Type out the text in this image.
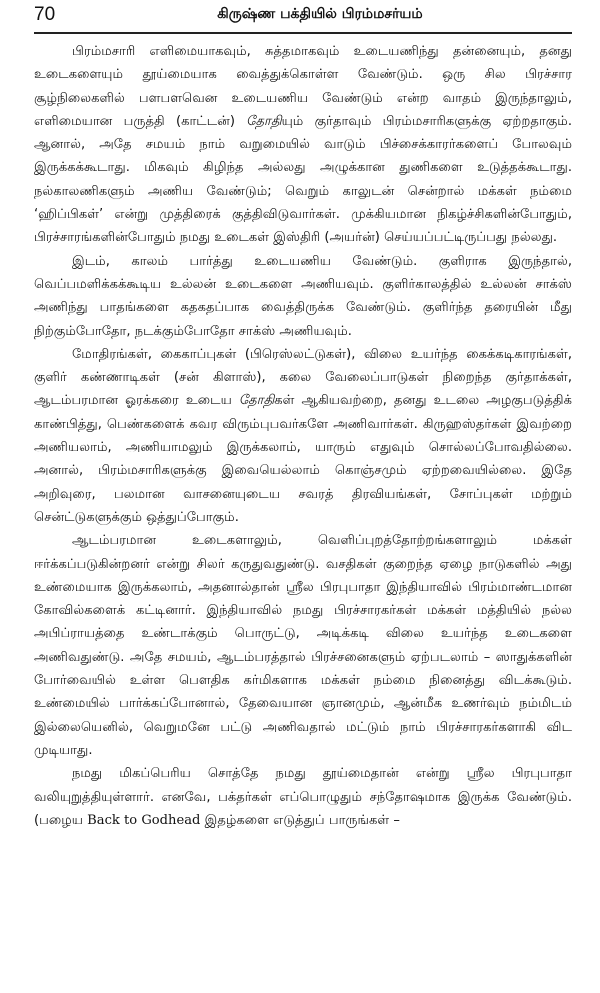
70	கிருஷ்ண பக்தியில் பிரம்மசர்யம்

பிரம்மசாரி எளிமையாகவும், சுத்தமாகவும் உடையணிந்து தன்னையும், தனது உடைகளையும் தூய்மையாக வைத்துக்கொள்ள வேண்டும். ஒரு சில பிரச்சார சூழ்நிலைகளில் பளபளவென உடையணிய வேண்டும் என்ற வாதம் இருந்தாலும், எளிமையான பருத்தி (காட்டன்) தோதியும் குர்தாவும் பிரம்மசாரிகளுக்கு ஏற்றதாகும். ஆனால், அதே சமயம் நாம் வறுமையில் வாடும் பிச்சைக்காரர்களைப் போலவும் இருக்கக்கூடாது. மிகவும் கிழிந்த அல்லது அழுக்கான துணிகளை உடுத்தக்கூடாது. நல்காலணிகளும் அணிய வேண்டும்; வெறும் காலுடன் சென்றால் மக்கள் நம்மை ‘ஹிப்பிகள்’ என்று முத்திரைக் குத்திவிடுவார்கள். முக்கியமான நிகழ்ச்சிகளின்போதும், பிரச்சாரங்களின்போதும் நமது உடைகள் இஸ்திரி (அயர்ன்) செய்யப்பட்டிருப்பது நல்லது.

இடம், காலம் பார்த்து உடையணிய வேண்டும். குளிராக இருந்தால், வெப்பமளிக்கக்கூடிய உல்லன் உடைகளை அணியவும். குளிர்காலத்தில் உல்லன் சாக்ஸ் அணிந்து பாதங்களை கதகதப்பாக வைத்திருக்க வேண்டும். குளிர்ந்த தரையின் மீது நிற்கும்போதோ, நடக்கும்போதோ சாக்ஸ் அணியவும்.

மோதிரங்கள், கைகாப்புகள் (பிரெஸ்லட்டுகள்), விலை உயர்ந்த கைக்கடிகாரங்கள், குளிர் கண்ணாடிகள் (சன் கிளாஸ்), கலை வேலைப்பாடுகள் நிறைந்த குர்தாக்கள், ஆடம்பரமான ஓரக்கரை உடைய தோதிகள் ஆகியவற்றை, தனது உடலை அழகுபடுத்திக் காண்பித்து, பெண்களைக் கவர விரும்புபவர்களே அணிவார்கள். கிருஹஸ்தர்கள் இவற்றை அணியலாம், அணியாமலும் இருக்கலாம், யாரும் எதுவும் சொல்லப்போவதில்லை. அனால், பிரம்மசாரிகளுக்கு இவையெல்லாம் கொஞ்சமும் ஏற்றவையில்லை. இதே அறிவுரை, பலமான வாசனையுடைய சவரத் திரவியங்கள், சோப்புகள் மற்றும் சென்ட்டுகளுக்கும் ஒத்துப்போகும்.

ஆடம்பரமான உடைகளாலும், வெளிப்புறத்தோற்றங்களாலும் மக்கள் ஈர்க்கப்படுகின்றனர் என்று சிலர் கருதுவதுண்டு. வசதிகள் குறைந்த ஏழை நாடுகளில் அது உண்மையாக இருக்கலாம், அதனால்தான் ஸ்ரீல பிரபுபாதா இந்தியாவில் பிரம்மாண்டமான கோவில்களைக் கட்டினார். இந்தியாவில் நமது பிரச்சாரகர்கள் மக்கள் மத்தியில் நல்ல அபிப்ராயத்தை உண்டாக்கும் பொருட்டு, அடிக்கடி விலை உயர்ந்த உடைகளை அணிவதுண்டு. அதே சமயம், ஆடம்பரத்தால் பிரச்சனைகளும் ஏற்படலாம் – ஸாதுக்களின் போர்வையில் உள்ள பௌதிக கர்மிகளாக மக்கள் நம்மை நினைத்து விடக்கூடும். உண்மையில் பார்க்கப்போனால், தேவையான ஞானமும், ஆன்மீக உணர்வும் நம்மிடம் இல்லையெனில், வெறுமனே பட்டு அணிவதால் மட்டும் நாம் பிரச்சாரகர்களாகி விட முடியாது.

நமது மிகப்பெரிய சொத்தே நமது தூய்மைதான் என்று ஸ்ரீல பிரபுபாதா வலியுறுத்தியுள்ளார். எனவே, பக்தர்கள் எப்பொழுதும் சந்தோஷமாக இருக்க வேண்டும். (பழைய Back to Godhead இதழ்களை எடுத்துப் பாருங்கள் –
